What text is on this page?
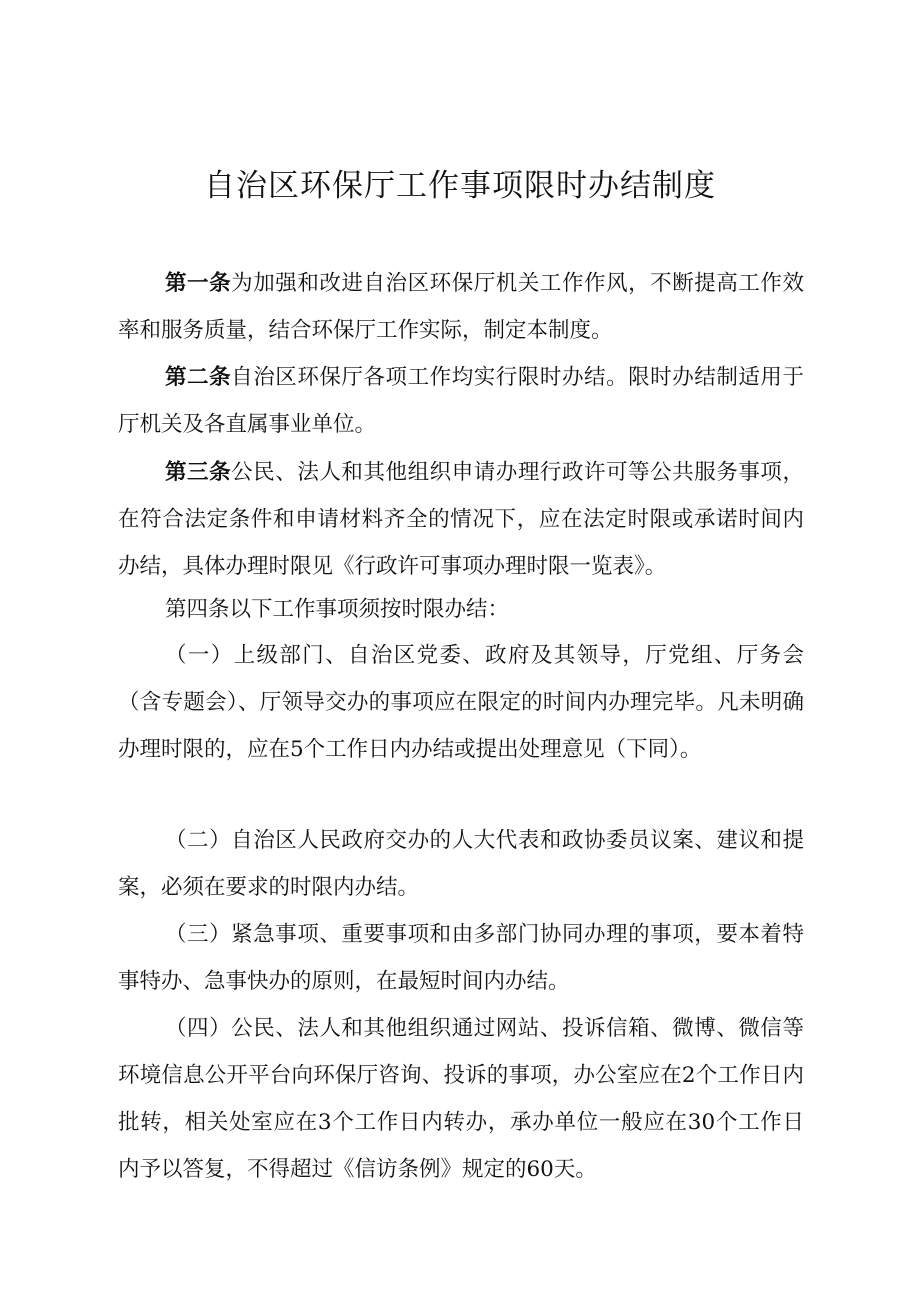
自治区环保厅工作事项限时办结制度
第一条为加强和改进自治区环保厅机关工作作风，不断提高工作效率和服务质量，结合环保厅工作实际，制定本制度。
第二条自治区环保厅各项工作均实行限时办结。限时办结制适用于厅机关及各直属事业单位。
第三条公民、法人和其他组织申请办理行政许可等公共服务事项，在符合法定条件和申请材料齐全的情况下，应在法定时限或承诺时间内办结，具体办理时限见《行政许可事项办理时限一览表》。
第四条以下工作事项须按时限办结：
（一）上级部门、自治区党委、政府及其领导，厅党组、厅务会（含专题会）、厅领导交办的事项应在限定的时间内办理完毕。凡未明确办理时限的，应在5个工作日内办结或提出处理意见（下同）。
（二）自治区人民政府交办的人大代表和政协委员议案、建议和提案，必须在要求的时限内办结。
（三）紧急事项、重要事项和由多部门协同办理的事项，要本着特事特办、急事快办的原则，在最短时间内办结。
（四）公民、法人和其他组织通过网站、投诉信箱、微博、微信等环境信息公开平台向环保厅咨询、投诉的事项，办公室应在2个工作日内批转，相关处室应在3个工作日内转办，承办单位一般应在30个工作日内予以答复，不得超过《信访条例》规定的60天。
